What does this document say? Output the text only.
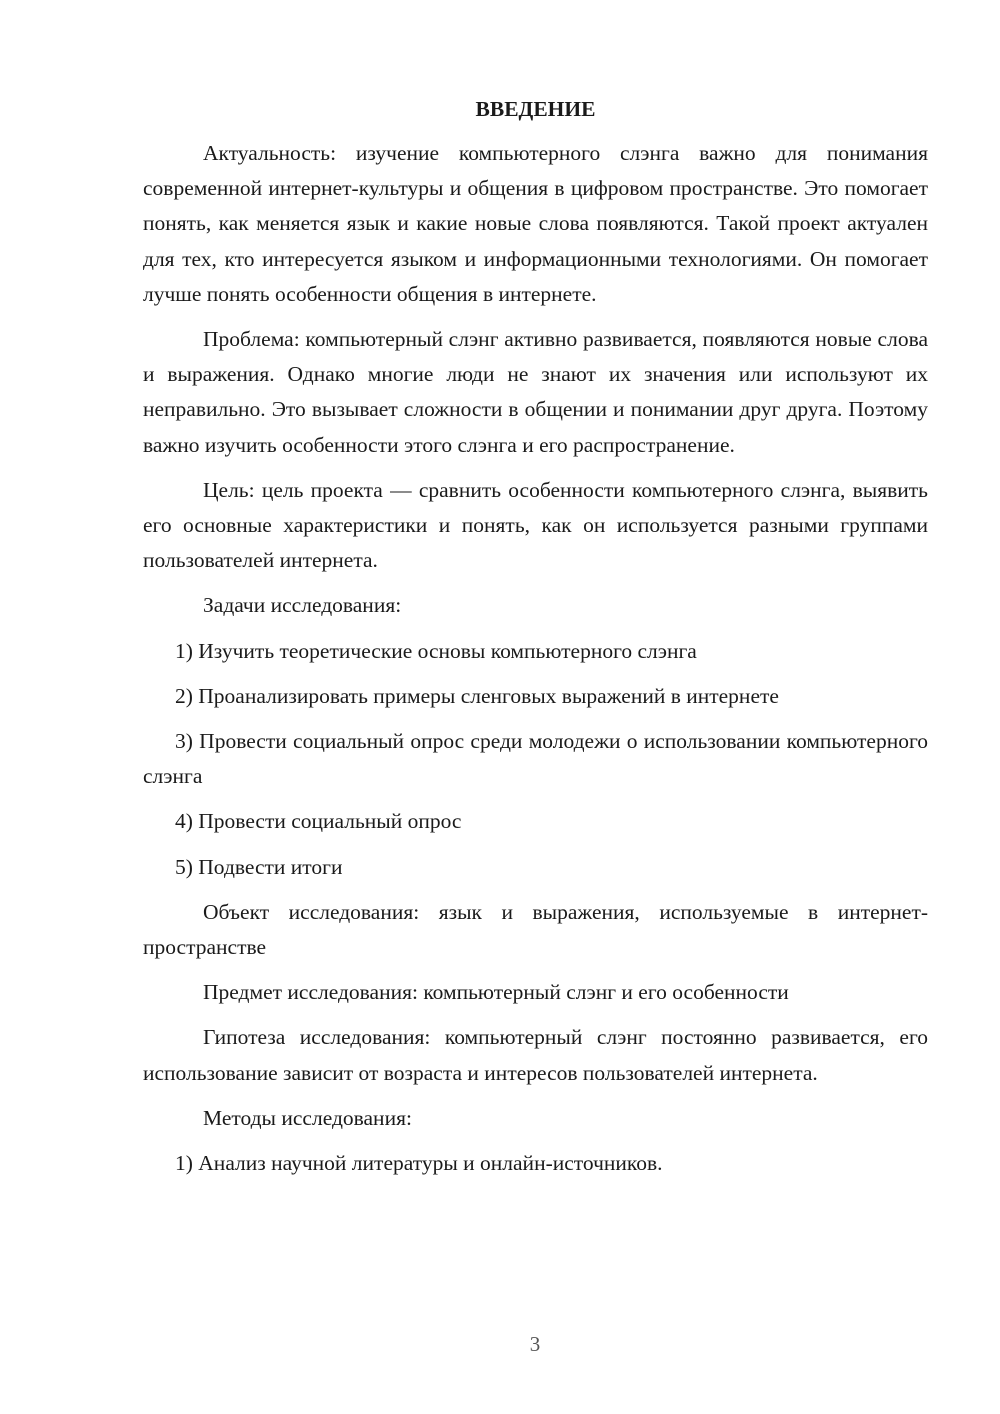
ВВЕДЕНИЕ

Актуальность: изучение компьютерного слэнга важно для понимания современной интернет-культуры и общения в цифровом пространстве. Это помогает понять, как меняется язык и какие новые слова появляются. Такой проект актуален для тех, кто интересуется языком и информационными технологиями. Он помогает лучше понять особенности общения в интернете.

Проблема: компьютерный слэнг активно развивается, появляются новые слова и выражения. Однако многие люди не знают их значения или используют их неправильно. Это вызывает сложности в общении и понимании друг друга. Поэтому важно изучить особенности этого слэнга и его распространение.

Цель: цель проекта — сравнить особенности компьютерного слэнга, выявить его основные характеристики и понять, как он используется разными группами пользователей интернета.

Задачи исследования:

1) Изучить теоретические основы компьютерного слэнга

2) Проанализировать примеры сленговых выражений в интернете

3) Провести социальный опрос среди молодежи о использовании компьютерного слэнга

4) Провести социальный опрос

5) Подвести итоги

Объект исследования: язык и выражения, используемые в интернет-пространстве

Предмет исследования: компьютерный слэнг и его особенности

Гипотеза исследования: компьютерный слэнг постоянно развивается, его использование зависит от возраста и интересов пользователей интернета.

Методы исследования:

1) Анализ научной литературы и онлайн-источников.

3
